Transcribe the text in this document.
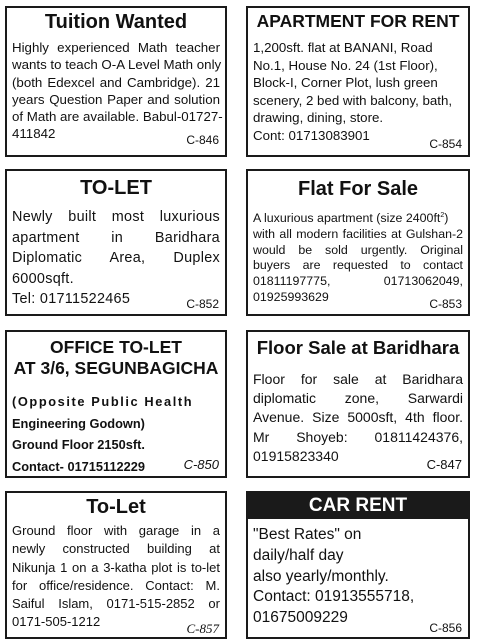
Tuition Wanted
Highly experienced Math teacher
wants to teach O-A Level Math only
(both Edexcel and Cambridge). 21
years Question Paper and solution
of Math are available. Babul-01727-
411842	C-846
APARTMENT FOR RENT
1,200sft. flat at BANANI, Road
No.1, House No. 24 (1st Floor),
Block-I, Corner Plot, lush green
scenery, 2 bed with balcony, bath,
drawing, dining, store.
Cont: 01713083901
C-854
TO-LET
Newly built most luxurious
apartment in Baridhara
Diplomatic Area, Duplex
6000sqft.
Tel: 01711522465	C-852
Flat For Sale
A luxurious apartment (size $2400ft^2$)
with all modern facilities at Gulshan-2
would be sold urgently. Original
buyers are requested to contact
01811197775, 01713062049,
01925993629
C-853
OFFICE TO-LET
AT 3/6, SEGUNBAGICHA
(Opposite Public Health
Engineering Godown)
Ground Floor 2150sft.
Contact- 01715112229	C-850
Floor Sale at Baridhara
Floor for sale at Baridhara
diplomatic zone, Sarwardi
Avenue. Size 5000sft, 4th floor.
Mr Shoyeb: 01811424376,
01915823340
C-847
To-Let
Ground floor with garage in a
newly constructed building at
Nikunja 1 on a 3-katha plot is to-let
for office/residence. Contact: M.
Saiful Islam, 0171-515-2852 or
0171-505-1212	C-857
CAR RENT
"Best Rates" on
daily/half day
also yearly/monthly.
Contact: 01913555718,
01675009229
C-856
